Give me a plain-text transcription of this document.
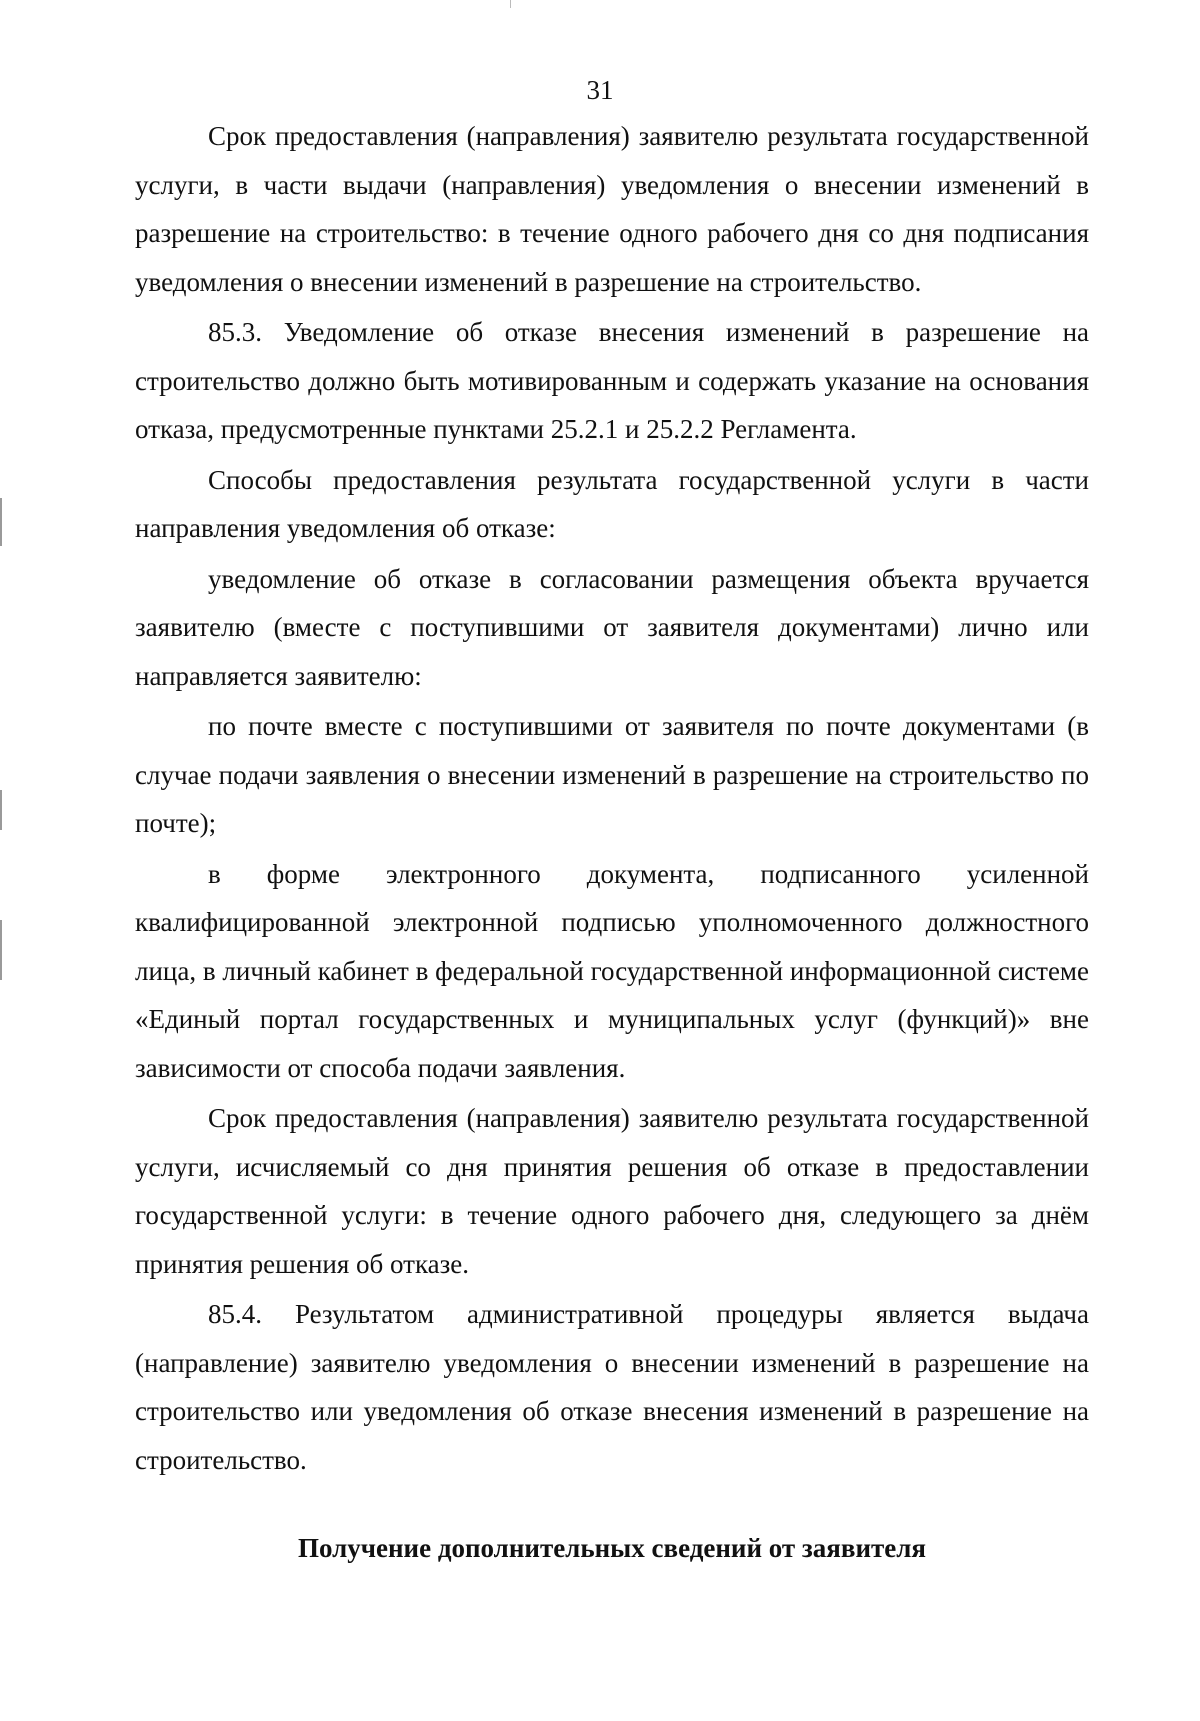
31

Срок предоставления (направления) заявителю результата государственной услуги, в части выдачи (направления) уведомления о внесении изменений в разрешение на строительство: в течение одного рабочего дня со дня подписания уведомления о внесении изменений в разрешение на строительство.

85.3. Уведомление об отказе внесения изменений в разрешение на строительство должно быть мотивированным и содержать указание на основания отказа, предусмотренные пунктами 25.2.1 и 25.2.2 Регламента.

Способы предоставления результата государственной услуги в части направления уведомления об отказе:

уведомление об отказе в согласовании размещения объекта вручается заявителю (вместе с поступившими от заявителя документами) лично или направляется заявителю:

по почте вместе с поступившими от заявителя по почте документами (в случае подачи заявления о внесении изменений в разрешение на строительство по почте);

в форме электронного документа, подписанного усиленной квалифицированной электронной подписью уполномоченного должностного лица, в личный кабинет в федеральной государственной информационной системе «Единый портал государственных и муниципальных услуг (функций)» вне зависимости от способа подачи заявления.

Срок предоставления (направления) заявителю результата государственной услуги, исчисляемый со дня принятия решения об отказе в предоставлении государственной услуги: в течение одного рабочего дня, следующего за днём принятия решения об отказе.

85.4. Результатом административной процедуры является выдача (направление) заявителю уведомления о внесении изменений в разрешение на строительство или уведомления об отказе внесения изменений в разрешение на строительство.

Получение дополнительных сведений от заявителя
